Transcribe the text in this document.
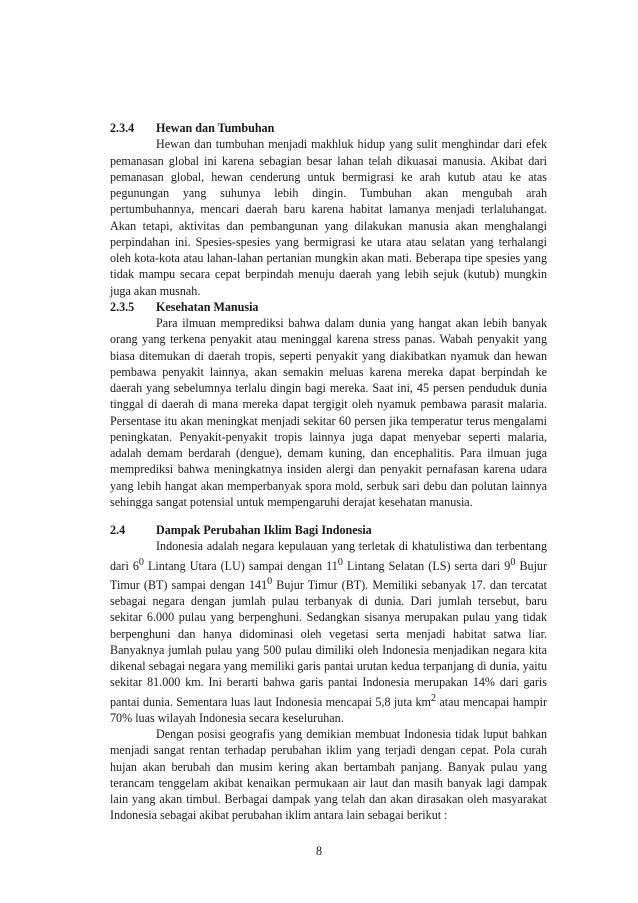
2.3.4 Hewan dan Tumbuhan

Hewan dan tumbuhan menjadi makhluk hidup yang sulit menghindar dari efek pemanasan global ini karena sebagian besar lahan telah dikuasai manusia. Akibat dari pemanasan global, hewan cenderung untuk bermigrasi ke arah kutub atau ke atas pegunungan yang suhunya lebih dingin. Tumbuhan akan mengubah arah pertumbuhannya, mencari daerah baru karena habitat lamanya menjadi terlaluhangat. Akan tetapi, aktivitas dan pembangunan yang dilakukan manusia akan menghalangi perpindahan ini. Spesies-spesies yang bermigrasi ke utara atau selatan yang terhalangi oleh kota-kota atau lahan-lahan pertanian mungkin akan mati. Beberapa tipe spesies yang tidak mampu secara cepat berpindah menuju daerah yang lebih sejuk (kutub) mungkin juga akan musnah.

2.3.5 Kesehatan Manusia

Para ilmuan memprediksi bahwa dalam dunia yang hangat akan lebih banyak orang yang terkena penyakit atau meninggal karena stress panas. Wabah penyakit yang biasa ditemukan di daerah tropis, seperti penyakit yang diakibatkan nyamuk dan hewan pembawa penyakit lainnya, akan semakin meluas karena mereka dapat berpindah ke daerah yang sebelumnya terlalu dingin bagi mereka. Saat ini, 45 persen penduduk dunia tinggal di daerah di mana mereka dapat tergigit oleh nyamuk pembawa parasit malaria. Persentase itu akan meningkat menjadi sekitar 60 persen jika temperatur terus mengalami peningkatan. Penyakit-penyakit tropis lainnya juga dapat menyebar seperti malaria, adalah demam berdarah (dengue), demam kuning, dan encephalitis. Para ilmuan juga memprediksi bahwa meningkatnya insiden alergi dan penyakit pernafasan karena udara yang lebih hangat akan memperbanyak spora mold, serbuk sari debu dan polutan lainnya sehingga sangat potensial untuk mempengaruhi derajat kesehatan manusia.

2.4	Dampak Perubahan Iklim Bagi Indonesia

Indonesia adalah negara kepulauan yang terletak di khatulistiwa dan terbentang dari $6^0$ Lintang Utara (LU) sampai dengan $11^0$ Lintang Selatan (LS) serta dari $9^0$ Bujur Timur (BT) sampai dengan $141^0$ Bujur Timur (BT). Memiliki sebanyak 17. dan tercatat sebagai negara dengan jumlah pulau terbanyak di dunia. Dari jumlah tersebut, baru sekitar 6.000 pulau yang berpenghuni. Sedangkan sisanya merupakan pulau yang tidak berpenghuni dan hanya didominasi oleh vegetasi serta menjadi habitat satwa liar. Banyaknya jumlah pulau yang 500 pulau dimiliki oleh Indonesia menjadikan negara kita dikenal sebagai negara yang memiliki garis pantai urutan kedua terpanjang di dunia, yaitu sekitar 81.000 km. Ini berarti bahwa garis pantai Indonesia merupakan 14% dari garis pantai dunia. Sementara luas laut Indonesia mencapai 5,8 juta $km^2$ atau mencapai hampir 70% luas wilayah Indonesia secara keseluruhan.

Dengan posisi geografis yang demikian membuat Indonesia tidak luput bahkan menjadi sangat rentan terhadap perubahan iklim yang terjadi dengan cepat. Pola curah hujan akan berubah dan musim kering akan bertambah panjang. Banyak pulau yang terancam tenggelam akibat kenaikan permukaan air laut dan masih banyak lagi dampak lain yang akan timbul. Berbagai dampak yang telah dan akan dirasakan oleh masyarakat Indonesia sebagai akibat perubahan iklim antara lain sebagai berikut :

8
